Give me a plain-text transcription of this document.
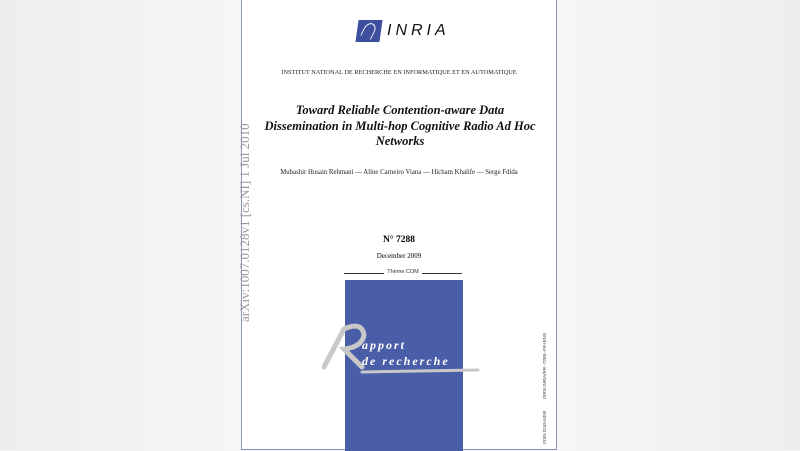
INRIA
INSTITUT NATIONAL DE RECHERCHE EN INFORMATIQUE ET EN AUTOMATIQUE
Toward Reliable Contention-aware Data Dissemination in Multi-hop Cognitive Radio Ad Hoc Networks
Mubashir Husain Rehmani — Aline Carneiro Viana — Hicham Khalife — Serge Fdida
N° 7288
December 2009
Thème COM
apport
de recherche
ISSN 0249-6399
ISRN INRIA/RR--7288--FR+ENG
arXiv:1007.0128v1 [cs.NI] 1 Jul 2010
